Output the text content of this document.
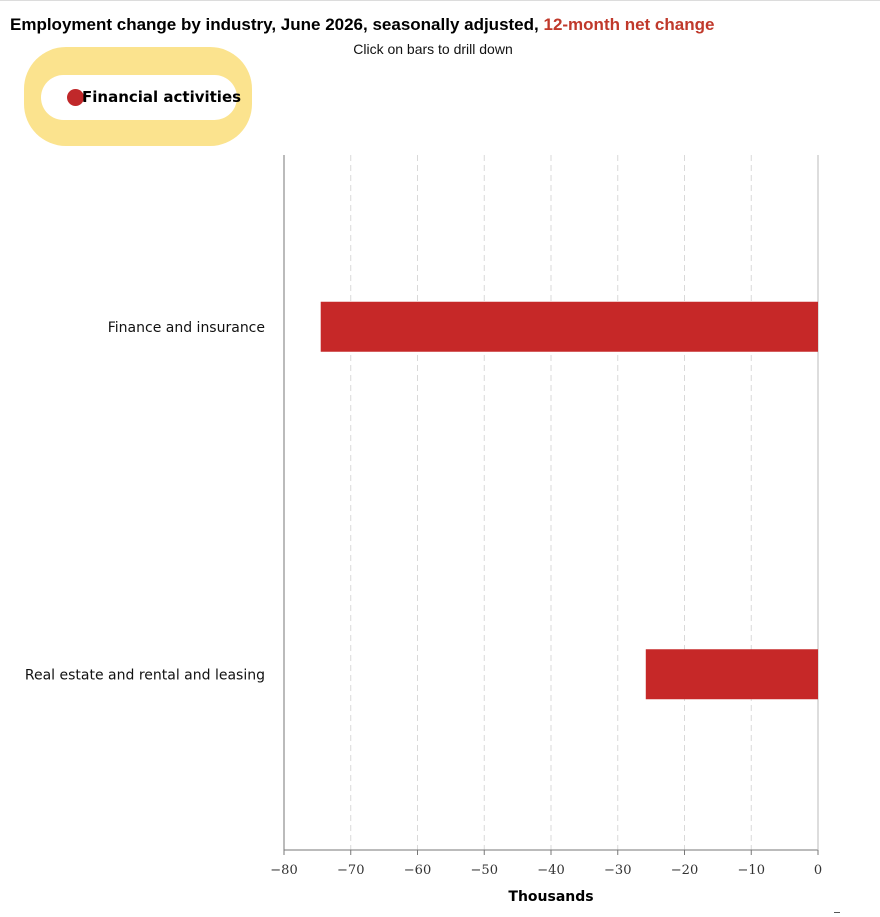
Employment change by industry, June 2026, seasonally adjusted, 12-month net change
Click on bars to drill down
Financial activities
−80	−70	−60	−50	−40	−30	−20	−10	0
Finance and insurance
Real estate and rental and leasing
Thousands
